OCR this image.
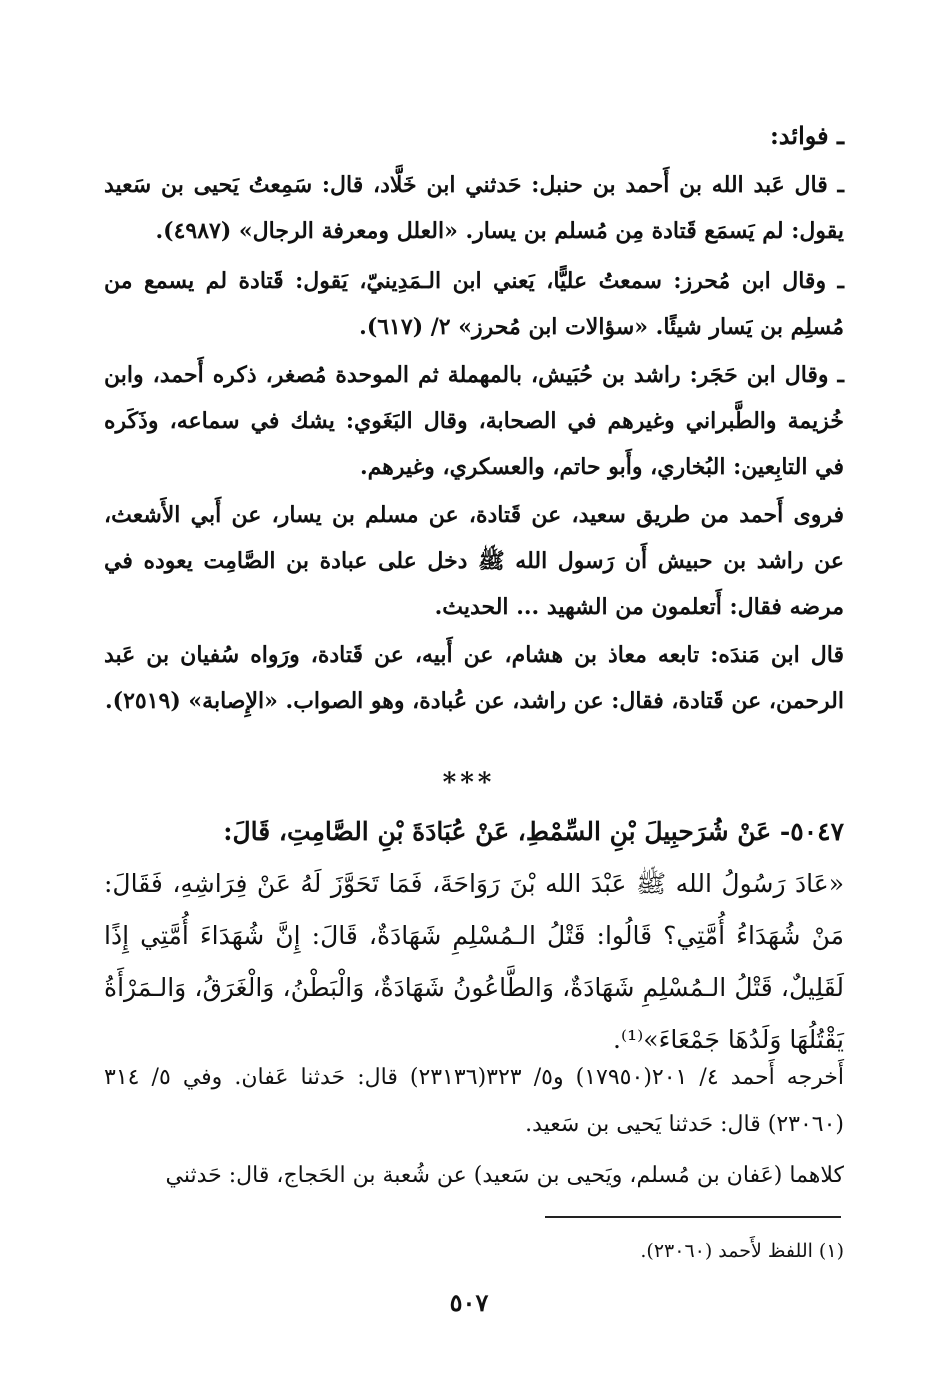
ـ فوائد:
ـ قال عَبد الله بن أَحمد بن حنبل: حَدثني ابن خَلَّاد، قال: سَمِعتُ يَحيى بن سَعيد يقول: لم يَسمَع قَتادة مِن مُسلم بن يسار. «العلل ومعرفة الرجال» (٤٩٨٧).
ـ وقال ابن مُحرز: سمعتُ عليًّا، يَعني ابن الـمَدِينيّ، يَقول: قَتادة لم يسمع من مُسلِم بن يَسار شيئًا. «سؤالات ابن مُحرز» ٢/ (٦١٧).
ـ وقال ابن حَجَر: راشد بن حُبَيش، بالمهملة ثم الموحدة مُصغر، ذكره أَحمد، وابن خُزيمة والطَّبراني وغيرهم في الصحابة، وقال البَغَوي: يشك في سماعه، وذَكَره في التابِعين: البُخاري، وأَبو حاتم، والعسكري، وغيرهم.
فروى أَحمد من طريق سعيد، عن قَتادة، عن مسلم بن يسار، عن أَبي الأَشعث، عن راشد بن حبيش أَن رَسول الله ﷺ دخل على عبادة بن الصَّامِت يعوده في مرضه فقال: أَتعلمون من الشهيد ... الحديث.
قال ابن مَندَه: تابعه معاذ بن هشام، عن أَبيه، عن قَتادة، ورَواه سُفيان بن عَبد الرحمن، عن قَتادة، فقال: عن راشد، عن عُبادة، وهو الصواب. «الإِصابة» (٢٥١٩).
***
٥٠٤٧- عَنْ شُرَحبِيلَ بْنِ السِّمْطِ، عَنْ عُبَادَةَ بْنِ الصَّامِتِ، قَالَ:
«عَادَ رَسُولُ الله ﷺ عَبْدَ الله بْنَ رَوَاحَةَ، فَمَا تَحَوَّزَ لَهُ عَنْ فِرَاشِهِ، فَقَالَ: مَنْ شُهَدَاءُ أُمَّتِي؟ قَالُوا: قَتْلُ الـمُسْلِمِ شَهَادَةٌ، قَالَ: إِنَّ شُهَدَاءَ أُمَّتِي إِذًا لَقَلِيلٌ، قَتْلُ الـمُسْلِمِ شَهَادَةٌ، وَالطَّاعُونُ شَهَادَةٌ، وَالْبَطْنُ، وَالْغَرَقُ، وَالـمَرْأَةُ يَقْتُلُهَا وَلَدُهَا جَمْعَاءَ»⁽¹⁾.
أَخرجه أَحمد ٤/ ٢٠١(١٧٩٥٠) و٥/ ٣٢٣(٢٣١٣٦) قال: حَدثنا عَفان. وفي ٥/ ٣١٤ (٢٣٠٦٠) قال: حَدثنا يَحيى بن سَعيد.
كلاهما (عَفان بن مُسلم، ويَحيى بن سَعيد) عن شُعبة بن الحَجاج، قال: حَدثني
(١) اللفظ لأَحمد (٢٣٠٦٠).
٥٠٧
